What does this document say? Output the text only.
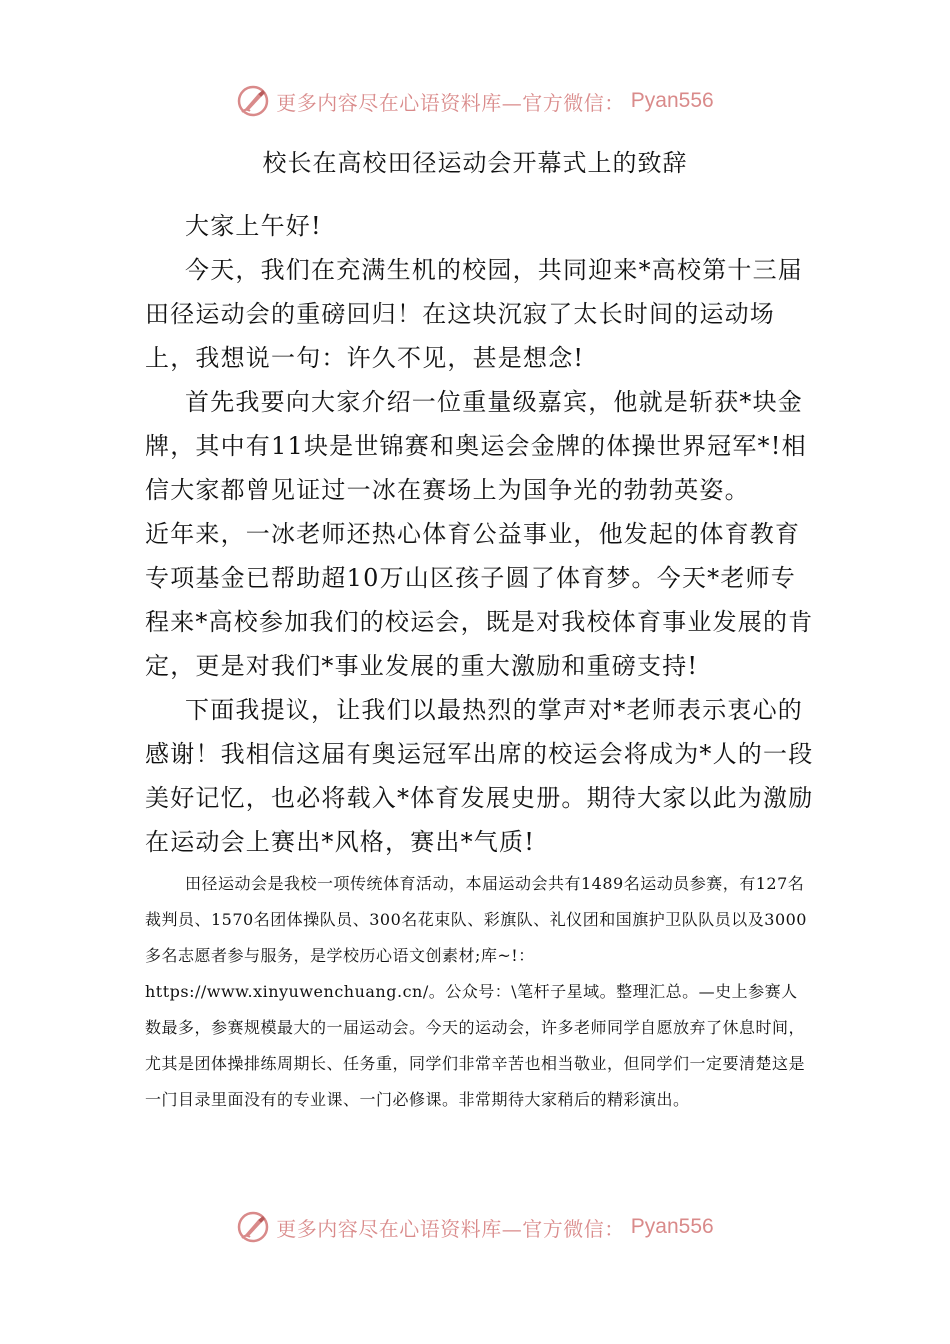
更多内容尽在心语资料库—官方微信： Pyan556
校长在高校田径运动会开幕式上的致辞

大家上午好!

今天，我们在充满生机的校园，共同迎来*高校第十三届田径运动会的重磅回归！在这块沉寂了太长时间的运动场上，我想说一句：许久不见，甚是想念!

首先我要向大家介绍一位重量级嘉宾，他就是斩获*块金牌，其中有11块是世锦赛和奥运会金牌的体操世界冠军*!相信大家都曾见证过一冰在赛场上为国争光的勃勃英姿。

近年来，一冰老师还热心体育公益事业，他发起的体育教育专项基金已帮助超10万山区孩子圆了体育梦。今天*老师专程来*高校参加我们的校运会，既是对我校体育事业发展的肯定，更是对我们*事业发展的重大激励和重磅支持!

下面我提议，让我们以最热烈的掌声对*老师表示衷心的感谢！我相信这届有奥运冠军出席的校运会将成为*人的一段美好记忆，也必将载入*体育发展史册。期待大家以此为激励在运动会上赛出*风格，赛出*气质!

田径运动会是我校一项传统体育活动，本届运动会共有1489名运动员参赛，有127名裁判员、1570名团体操队员、300名花束队、彩旗队、礼仪团和国旗护卫队队员以及3000多名志愿者参与服务，是学校历心语文创素材;库~!：https://www.xinyuwenchuang.cn/。公众号：\笔杆子星域。整理汇总。—史上参赛人数最多，参赛规模最大的一届运动会。今天的运动会，许多老师同学自愿放弃了休息时间，尤其是团体操排练周期长、任务重，同学们非常辛苦也相当敬业，但同学们一定要清楚这是一门目录里面没有的专业课、一门必修课。非常期待大家稍后的精彩演出。

更多内容尽在心语资料库—官方微信： Pyan556
